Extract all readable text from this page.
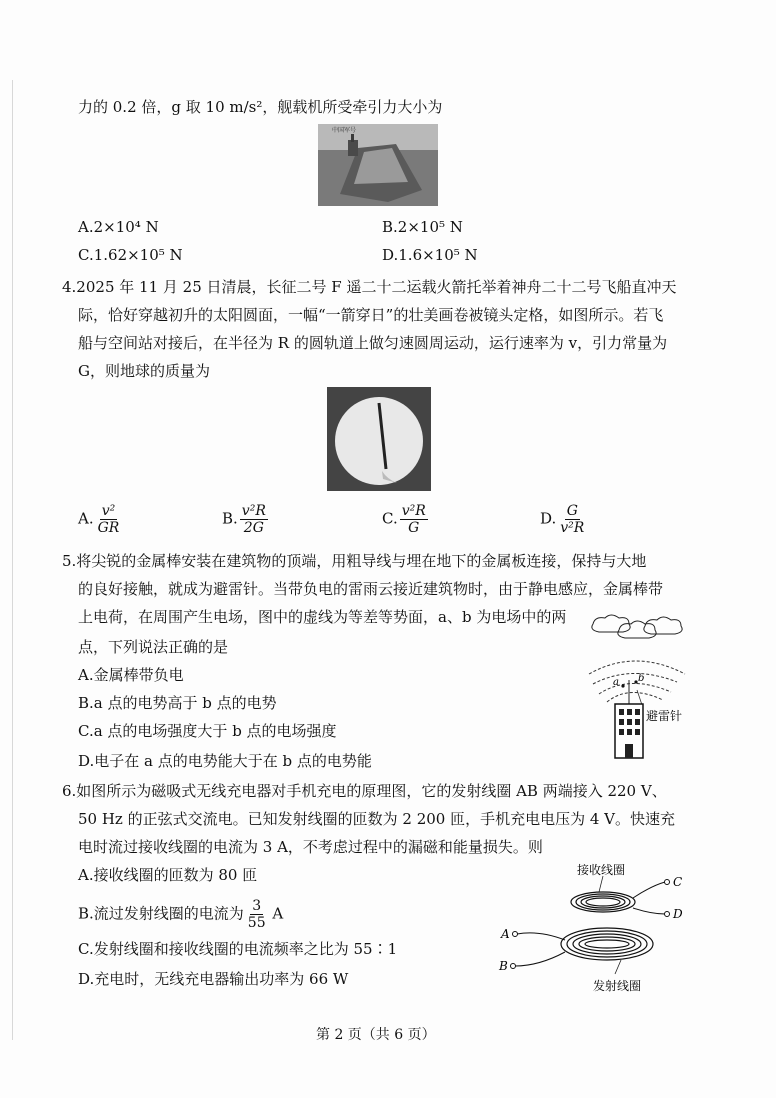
力的 0.2 倍，g 取 10 m/s²，舰载机所受牵引力大小为
中国军号
A.2×10⁴ N	B.2×10⁵ N
C.1.62×10⁵ N	D.1.6×10⁵ N
4.2025 年 11 月 25 日清晨，长征二号 F 遥二十二运载火箭托举着神舟二十二号飞船直冲天
际，恰好穿越初升的太阳圆面，一幅“一箭穿日”的壮美画卷被镜头定格，如图所示。若飞
船与空间站对接后，在半径为 R 的圆轨道上做匀速圆周运动，运行速率为 v，引力常量为
G，则地球的质量为
A. $\frac{\text{v²}}{GR}$	B. $\frac{\text{v²R}}{2G}$	C. $\frac{\text{v²R}}{G}$	D. $\frac{G}{\text{v²R}}$
5.将尖锐的金属棒安装在建筑物的顶端，用粗导线与埋在地下的金属板连接，保持与大地
的良好接触，就成为避雷针。当带负电的雷雨云接近建筑物时，由于静电感应，金属棒带
上电荷，在周围产生电场，图中的虚线为等差等势面，a、b 为电场中的两
点，下列说法正确的是
A.金属棒带负电
B.a 点的电势高于 b 点的电势
C.a 点的电场强度大于 b 点的电场强度
D.电子在 a 点的电势能大于在 b 点的电势能
a b
避雷针
6.如图所示为磁吸式无线充电器对手机充电的原理图，它的发射线圈 AB 两端接入 220 V、
50 Hz 的正弦式交流电。已知发射线圈的匝数为 2 200 匝，手机充电电压为 4 V。快速充
电时流过接收线圈的电流为 3 A，不考虑过程中的漏磁和能量损失。则
A.接收线圈的匝数为 80 匝
B.流过发射线圈的电流为 $\frac{3}{55}$ A
C.发射线圈和接收线圈的电流频率之比为 55∶1
D.充电时，无线充电器输出功率为 66 W
接收线圈
C
D
A
B
发射线圈
第 2 页（共 6 页）
